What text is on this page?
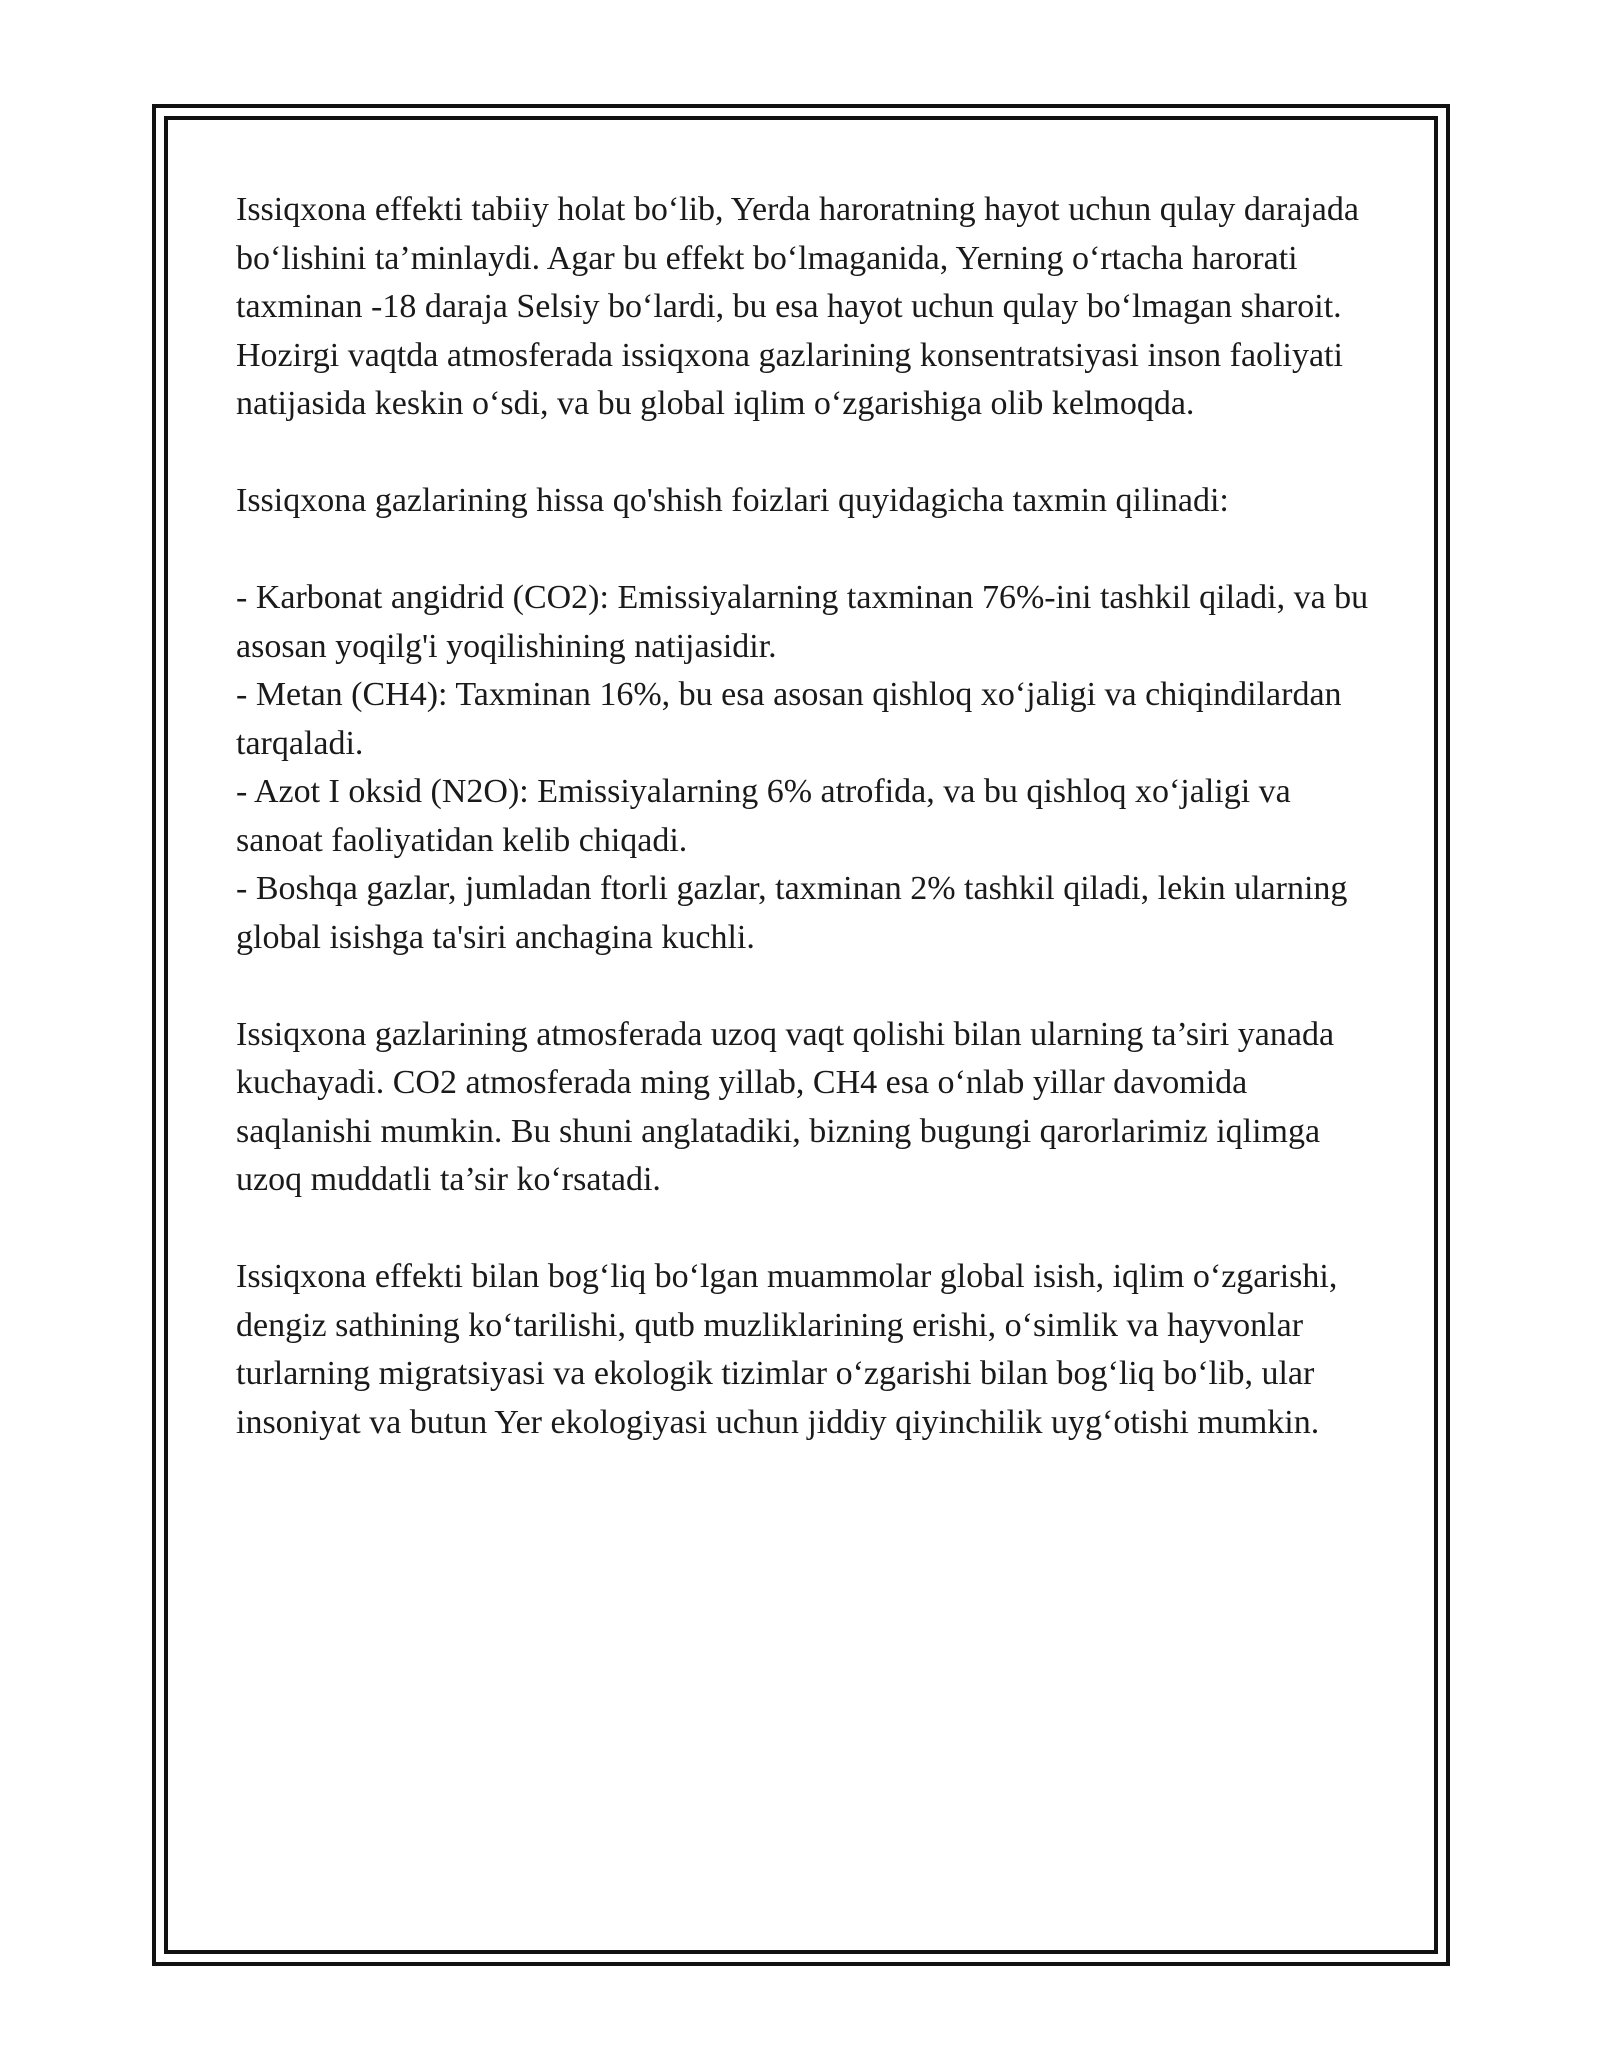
Issiqxona effekti tabiiy holat bo‘lib, Yerda haroratning hayot uchun qulay darajada bo‘lishini ta’minlaydi. Agar bu effekt bo‘lmaganida, Yerning o‘rtacha harorati taxminan -18 daraja Selsiy bo‘lardi, bu esa hayot uchun qulay bo‘lmagan sharoit. Hozirgi vaqtda atmosferada issiqxona gazlarining konsentratsiyasi inson faoliyati natijasida keskin o‘sdi, va bu global iqlim o‘zgarishiga olib kelmoqda.

Issiqxona gazlarining hissa qo'shish foizlari quyidagicha taxmin qilinadi:

- Karbonat angidrid (CO2): Emissiyalarning taxminan 76%-ini tashkil qiladi, va bu asosan yoqilg'i yoqilishining natijasidir.

- Metan (CH4): Taxminan 16%, bu esa asosan qishloq xo‘jaligi va chiqindilardan tarqaladi.

- Azot I oksid (N2O): Emissiyalarning 6% atrofida, va bu qishloq xo‘jaligi va sanoat faoliyatidan kelib chiqadi.

- Boshqa gazlar, jumladan ftorli gazlar, taxminan 2% tashkil qiladi, lekin ularning global isishga ta'siri anchagina kuchli.

Issiqxona gazlarining atmosferada uzoq vaqt qolishi bilan ularning ta’siri yanada kuchayadi. CO2 atmosferada ming yillab, CH4 esa o‘nlab yillar davomida saqlanishi mumkin. Bu shuni anglatadiki, bizning bugungi qarorlarimiz iqlimga uzoq muddatli ta’sir ko‘rsatadi.

Issiqxona effekti bilan bog‘liq bo‘lgan muammolar global isish, iqlim o‘zgarishi, dengiz sathining ko‘tarilishi, qutb muzliklarining erishi, o‘simlik va hayvonlar turlarning migratsiyasi va ekologik tizimlar o‘zgarishi bilan bog‘liq bo‘lib, ular insoniyat va butun Yer ekologiyasi uchun jiddiy qiyinchilik uyg‘otishi mumkin.
